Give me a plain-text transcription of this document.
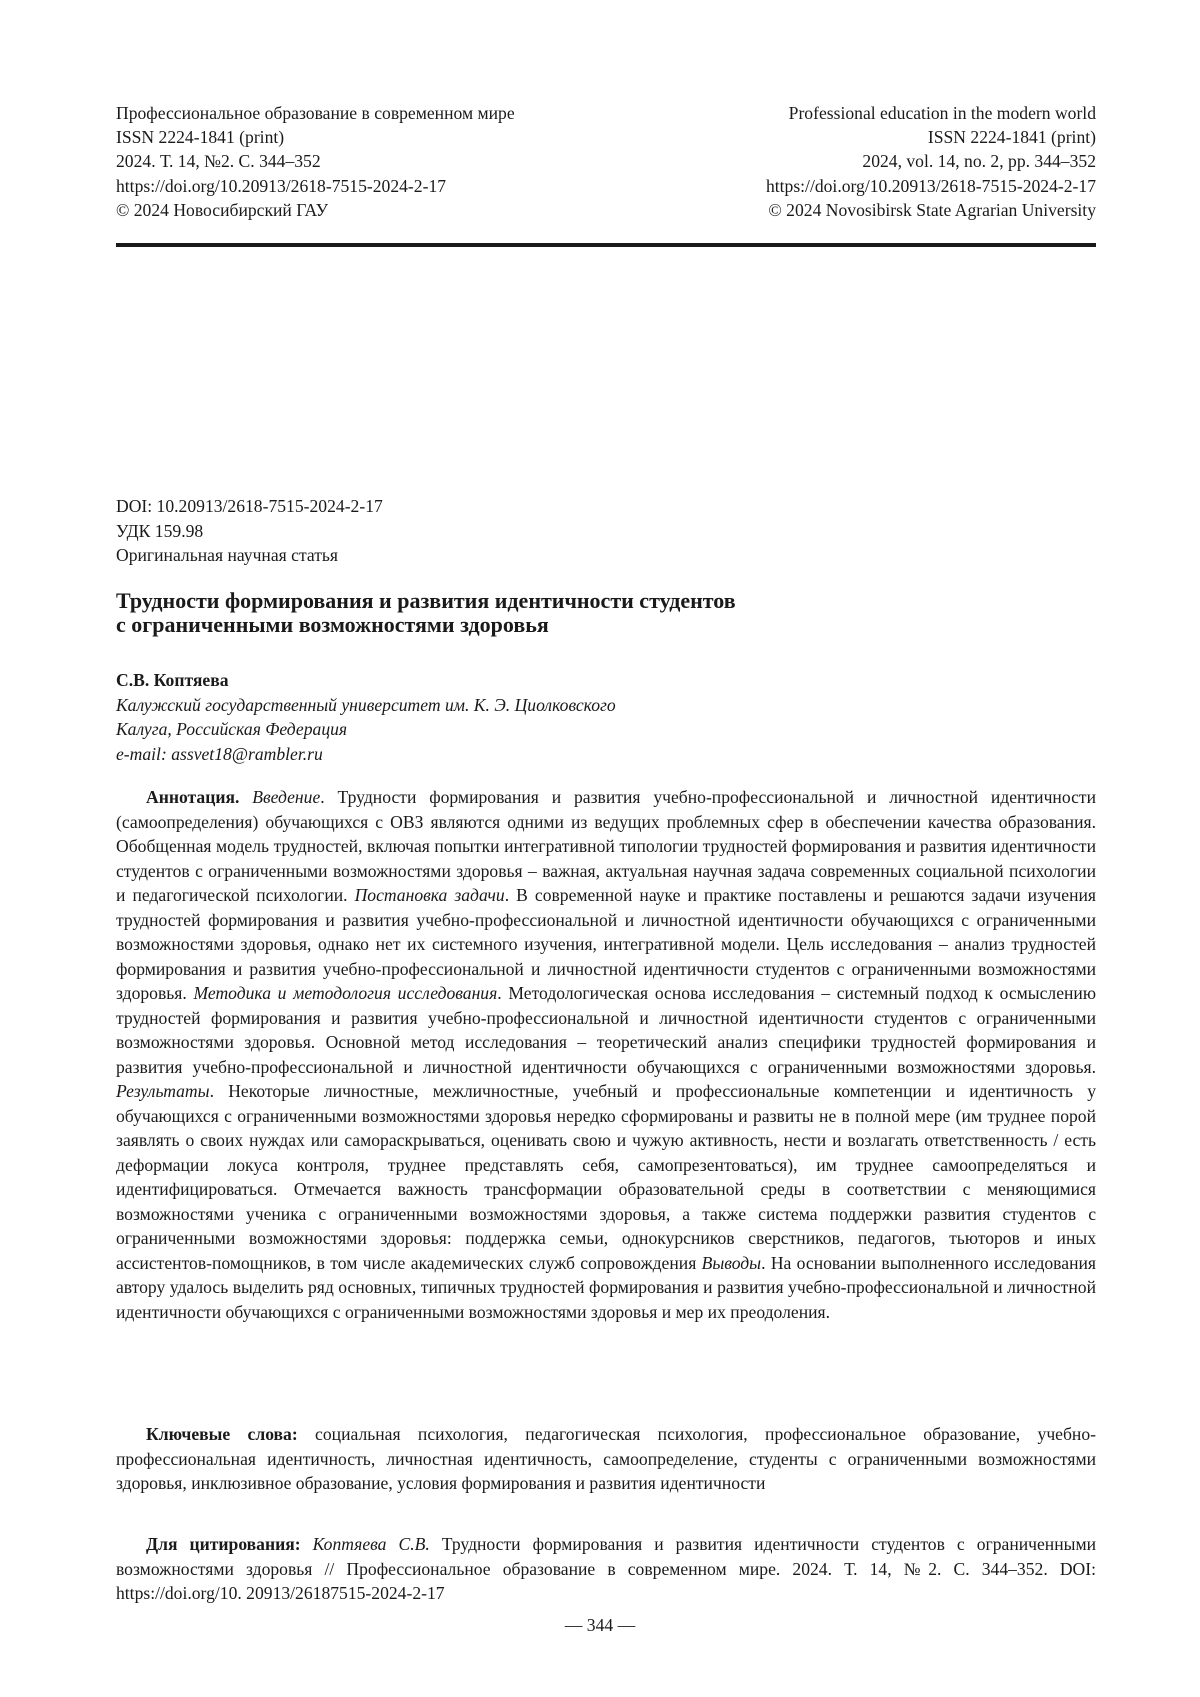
Профессиональное образование в современном мире
ISSN 2224-1841 (print)
2024. Т. 14, №2. С. 344–352
https://doi.org/10.20913/2618-7515-2024-2-17
© 2024 Новосибирский ГАУ
Professional education in the modern world
ISSN 2224-1841 (print)
2024, vol. 14, no. 2, pp. 344–352
https://doi.org/10.20913/2618-7515-2024-2-17
© 2024 Novosibirsk State Agrarian University
DOI: 10.20913/2618-7515-2024-2-17
УДК 159.98
Оригинальная научная статья
Трудности формирования и развития идентичности студентов
с ограниченными возможностями здоровья
С.В. Коптяева
Калужский государственный университет им. К. Э. Циолковского
Калуга, Российская Федерация
e-mail: assvet18@rambler.ru

Аннотация. Введение. Трудности формирования и развития учебно-профессиональной и личностной идентичности (самоопределения) обучающихся с ОВЗ являются одними из ведущих проблемных сфер в обеспечении качества образования. Обобщенная модель трудностей, включая попытки интегративной типологии трудностей формирования и развития идентичности студентов с ограниченными возможностями здоровья – важная, актуальная научная задача современных социальной психологии и педагогической психологии. Постановка задачи. В современной науке и практике поставлены и решаются задачи изучения трудностей формирования и развития учебно-профессиональной и личностной идентичности обучающихся с ограниченными возможностями здоровья, однако нет их системного изучения, интегративной модели. Цель исследования – анализ трудностей формирования и развития учебно-профессиональной и личностной идентичности студентов с ограниченными возможностями здоровья. Методика и методология исследования. Методологическая основа исследования – системный подход к осмыслению трудностей формирования и развития учебно-профессиональной и личностной идентичности студентов с ограниченными возможностями здоровья. Основной метод исследования – теоретический анализ специфики трудностей формирования и развития учебно-профессиональной и личностной идентичности обучающихся с ограниченными возможностями здоровья. Результаты. Некоторые личностные, межличностные, учебный и профессиональные компетенции и идентичность у обучающихся с ограниченными возможностями здоровья нередко сформированы и развиты не в полной мере (им труднее порой заявлять о своих нуждах или самораскрываться, оценивать свою и чужую активность, нести и возлагать ответственность / есть деформации локуса контроля, труднее представлять себя, самопрезентоваться), им труднее самоопределяться и идентифицироваться. Отмечается важность трансформации образовательной среды в соответствии с меняющимися возможностями ученика с ограниченными возможностями здоровья, а также система поддержки развития студентов с ограниченными возможностями здоровья: поддержка семьи, однокурсников сверстников, педагогов, тьюторов и иных ассистентов-помощников, в том числе академических служб сопровождения Выводы. На основании выполненного исследования автору удалось выделить ряд основных, типичных трудностей формирования и развития учебно-профессиональной и личностной идентичности обучающихся с ограниченными возможностями здоровья и мер их преодоления.

Ключевые слова: социальная психология, педагогическая психология, профессиональное образование, учебно-профессиональная идентичность, личностная идентичность, самоопределение, студенты с ограниченными возможностями здоровья, инклюзивное образование, условия формирования и развития идентичности

Для цитирования: Коптяева С.В. Трудности формирования и развития идентичности студентов с ограниченными возможностями здоровья // Профессиональное образование в современном мире. 2024. Т. 14, №2. С. 344–352. DOI: https://doi.org/10. 20913/26187515-2024-2-17

— 344 —
